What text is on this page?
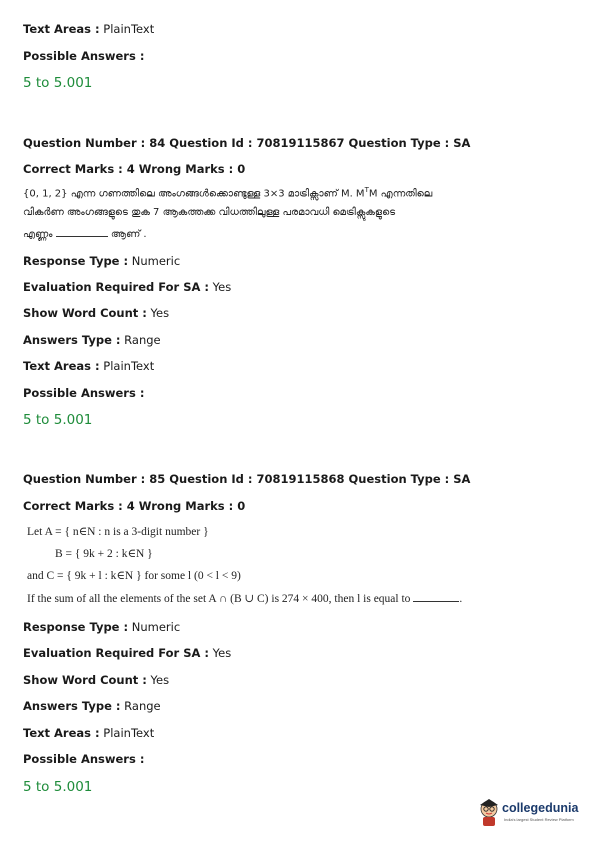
Text Areas : PlainText
Possible Answers :
5 to 5.001
Question Number : 84 Question Id : 70819115867 Question Type : SA
Correct Marks : 4 Wrong Marks : 0
{0, 1, 2} എന്ന ഗണത്തിലെ അംഗങ്ങൾക്കൊണ്ടുള്ള 3×3 മാട്രിക്സാണ് M. $M^TM$ എന്നതിലെ
വികർണ അംഗങ്ങളുടെ തുക 7 ആകത്തക്ക വിധത്തിലുള്ള പരമാവധി മെട്രിക്സുകളുടെ
എണ്ണം	ആണ് .
Response Type : Numeric
Evaluation Required For SA : Yes
Show Word Count : Yes
Answers Type : Range
Text Areas : PlainText
Possible Answers :
5 to 5.001
Question Number : 85 Question Id : 70819115868 Question Type : SA
Correct Marks : 4 Wrong Marks : 0
Let A = { n∈N : n is a 3-digit number }
B = { 9k + 2 : k∈N }
and C = { 9k + l : k∈N } for some l (0 < l < 9)
If the sum of all the elements of the set A ∩ (B ∪ C) is 274 × 400, then l is equal to	.
Response Type : Numeric
Evaluation Required For SA : Yes
Show Word Count : Yes
Answers Type : Range
Text Areas : PlainText
Possible Answers :
5 to 5.001
collegedunia
India's largest Student Review Platform
